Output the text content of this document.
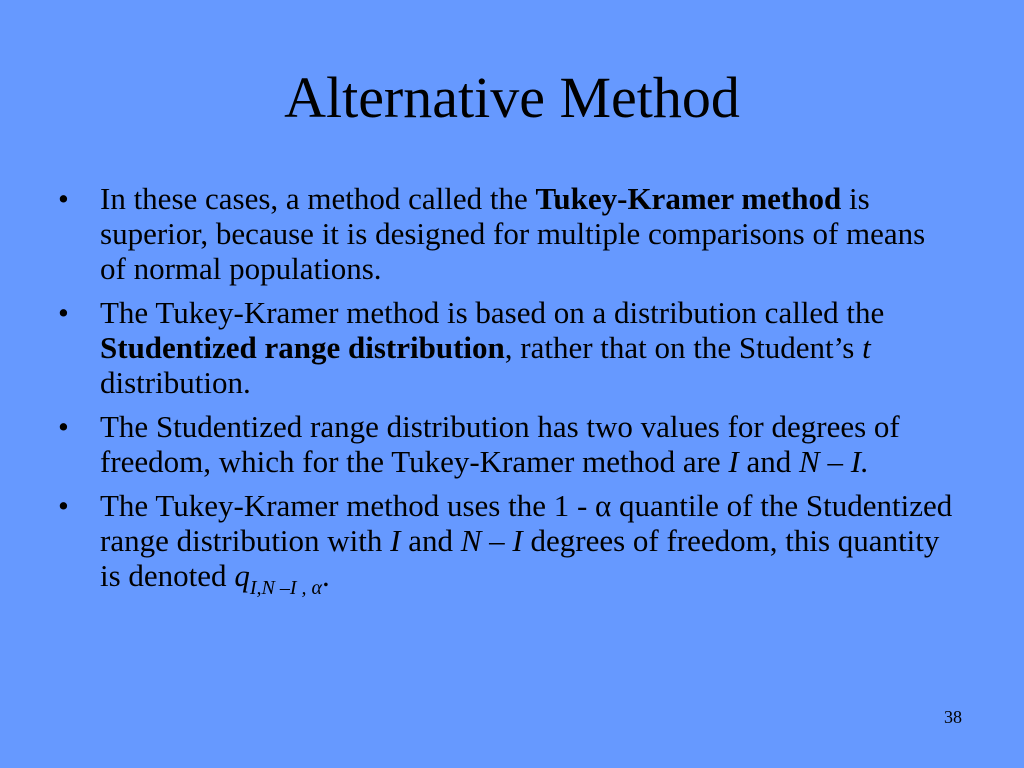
Alternative Method
• In these cases, a method called the Tukey-Kramer method is superior, because it is designed for multiple comparisons of means of normal populations.
• The Tukey-Kramer method is based on a distribution called the Studentized range distribution, rather that on the Student’s t distribution.
• The Studentized range distribution has two values for degrees of freedom, which for the Tukey-Kramer method are I and N – I.
• The Tukey-Kramer method uses the 1 - α quantile of the Studentized range distribution with I and N – I degrees of freedom, this quantity is denoted $q_{I,N -I , \alpha}$.
38
